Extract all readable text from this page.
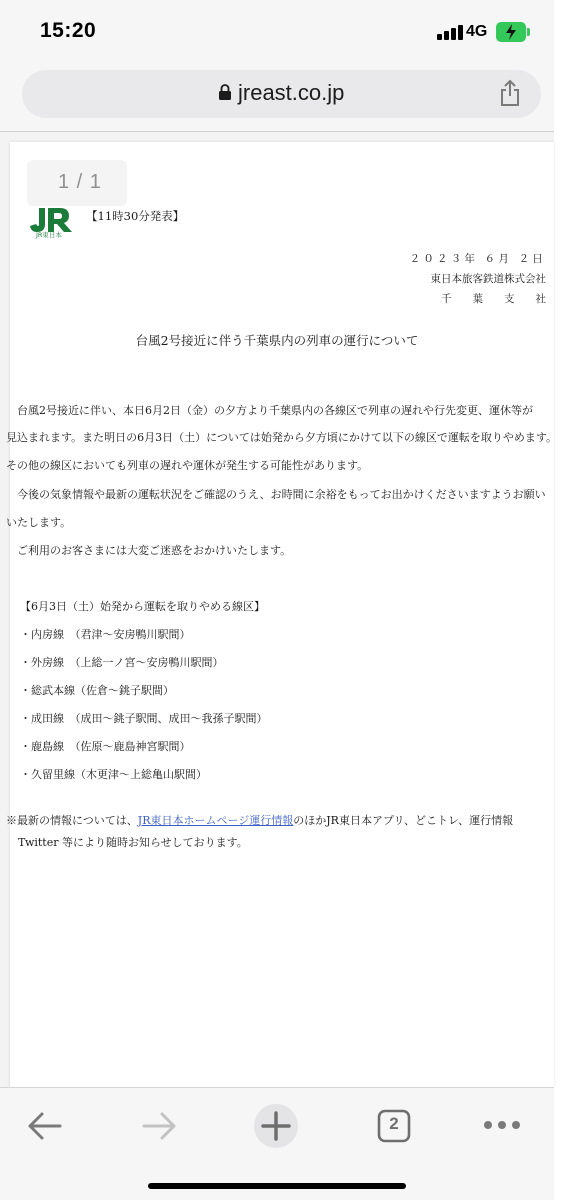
15:20	4G
jreast.co.jp
1 / 1
JR東日本
【11時30分発表】
２０２３年 ６月 ２日
東日本旅客鉄道株式会社
千葉支社
台風2号接近に伴う千葉県内の列車の運行について
　台風2号接近に伴い、本日6月2日（金）の夕方より千葉県内の各線区で列車の遅れや行先変更、運休等が
見込まれます。また明日の6月3日（土）については始発から夕方頃にかけて以下の線区で運転を取りやめます。
その他の線区においても列車の遅れや運休が発生する可能性があります。
　今後の気象情報や最新の運転状況をご確認のうえ、お時間に余裕をもってお出かけくださいますようお願い
いたします。
　ご利用のお客さまには大変ご迷惑をおかけいたします。
【6月3日（土）始発から運転を取りやめる線区】
・内房線　（君津～安房鴨川駅間）
・外房線　（上総一ノ宮～安房鴨川駅間）
・総武本線（佐倉～銚子駅間）
・成田線　（成田～銚子駅間、成田～我孫子駅間）
・鹿島線　（佐原～鹿島神宮駅間）
・久留里線（木更津～上総亀山駅間）
※最新の情報については、JR東日本ホームページ運行情報のほかJR東日本アプリ、どこトレ、運行情報
Twitter 等により随時お知らせしております。
2
